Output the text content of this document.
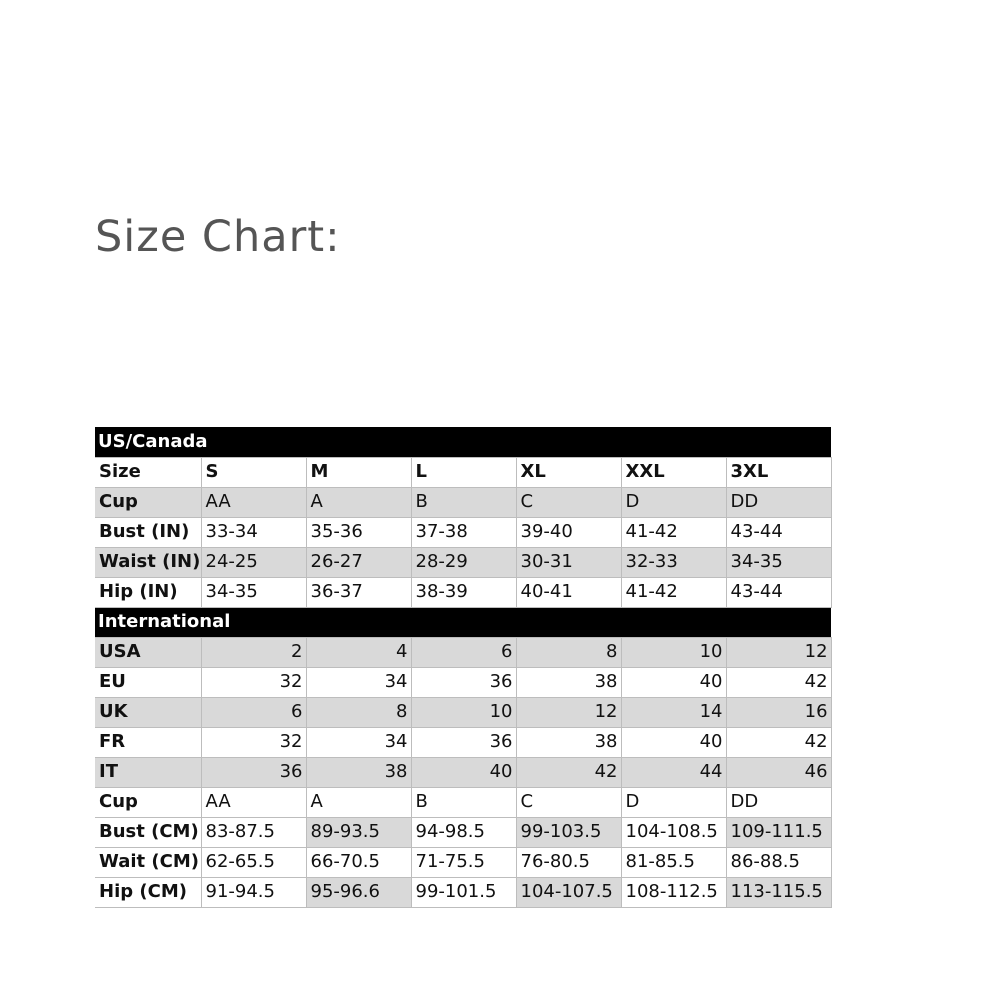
Size Chart:
US/Canada						
Size	S	M	L	XL	XXL	3XL
Cup	AA	A	B	C	D	DD
Bust (IN)	33-34	35-36	37-38	39-40	41-42	43-44
Waist (IN)	24-25	26-27	28-29	30-31	32-33	34-35
Hip (IN)	34-35	36-37	38-39	40-41	41-42	43-44
International						
USA	2	4	6	8	10	12
EU	32	34	36	38	40	42
UK	6	8	10	12	14	16
FR	32	34	36	38	40	42
IT	36	38	40	42	44	46
Cup	AA	A	B	C	D	DD
Bust (CM)	83-87.5	89-93.5	94-98.5	99-103.5	104-108.5	109-111.5
Wait (CM)	62-65.5	66-70.5	71-75.5	76-80.5	81-85.5	86-88.5
Hip (CM)	91-94.5	95-96.6	99-101.5	104-107.5	108-112.5	113-115.5
